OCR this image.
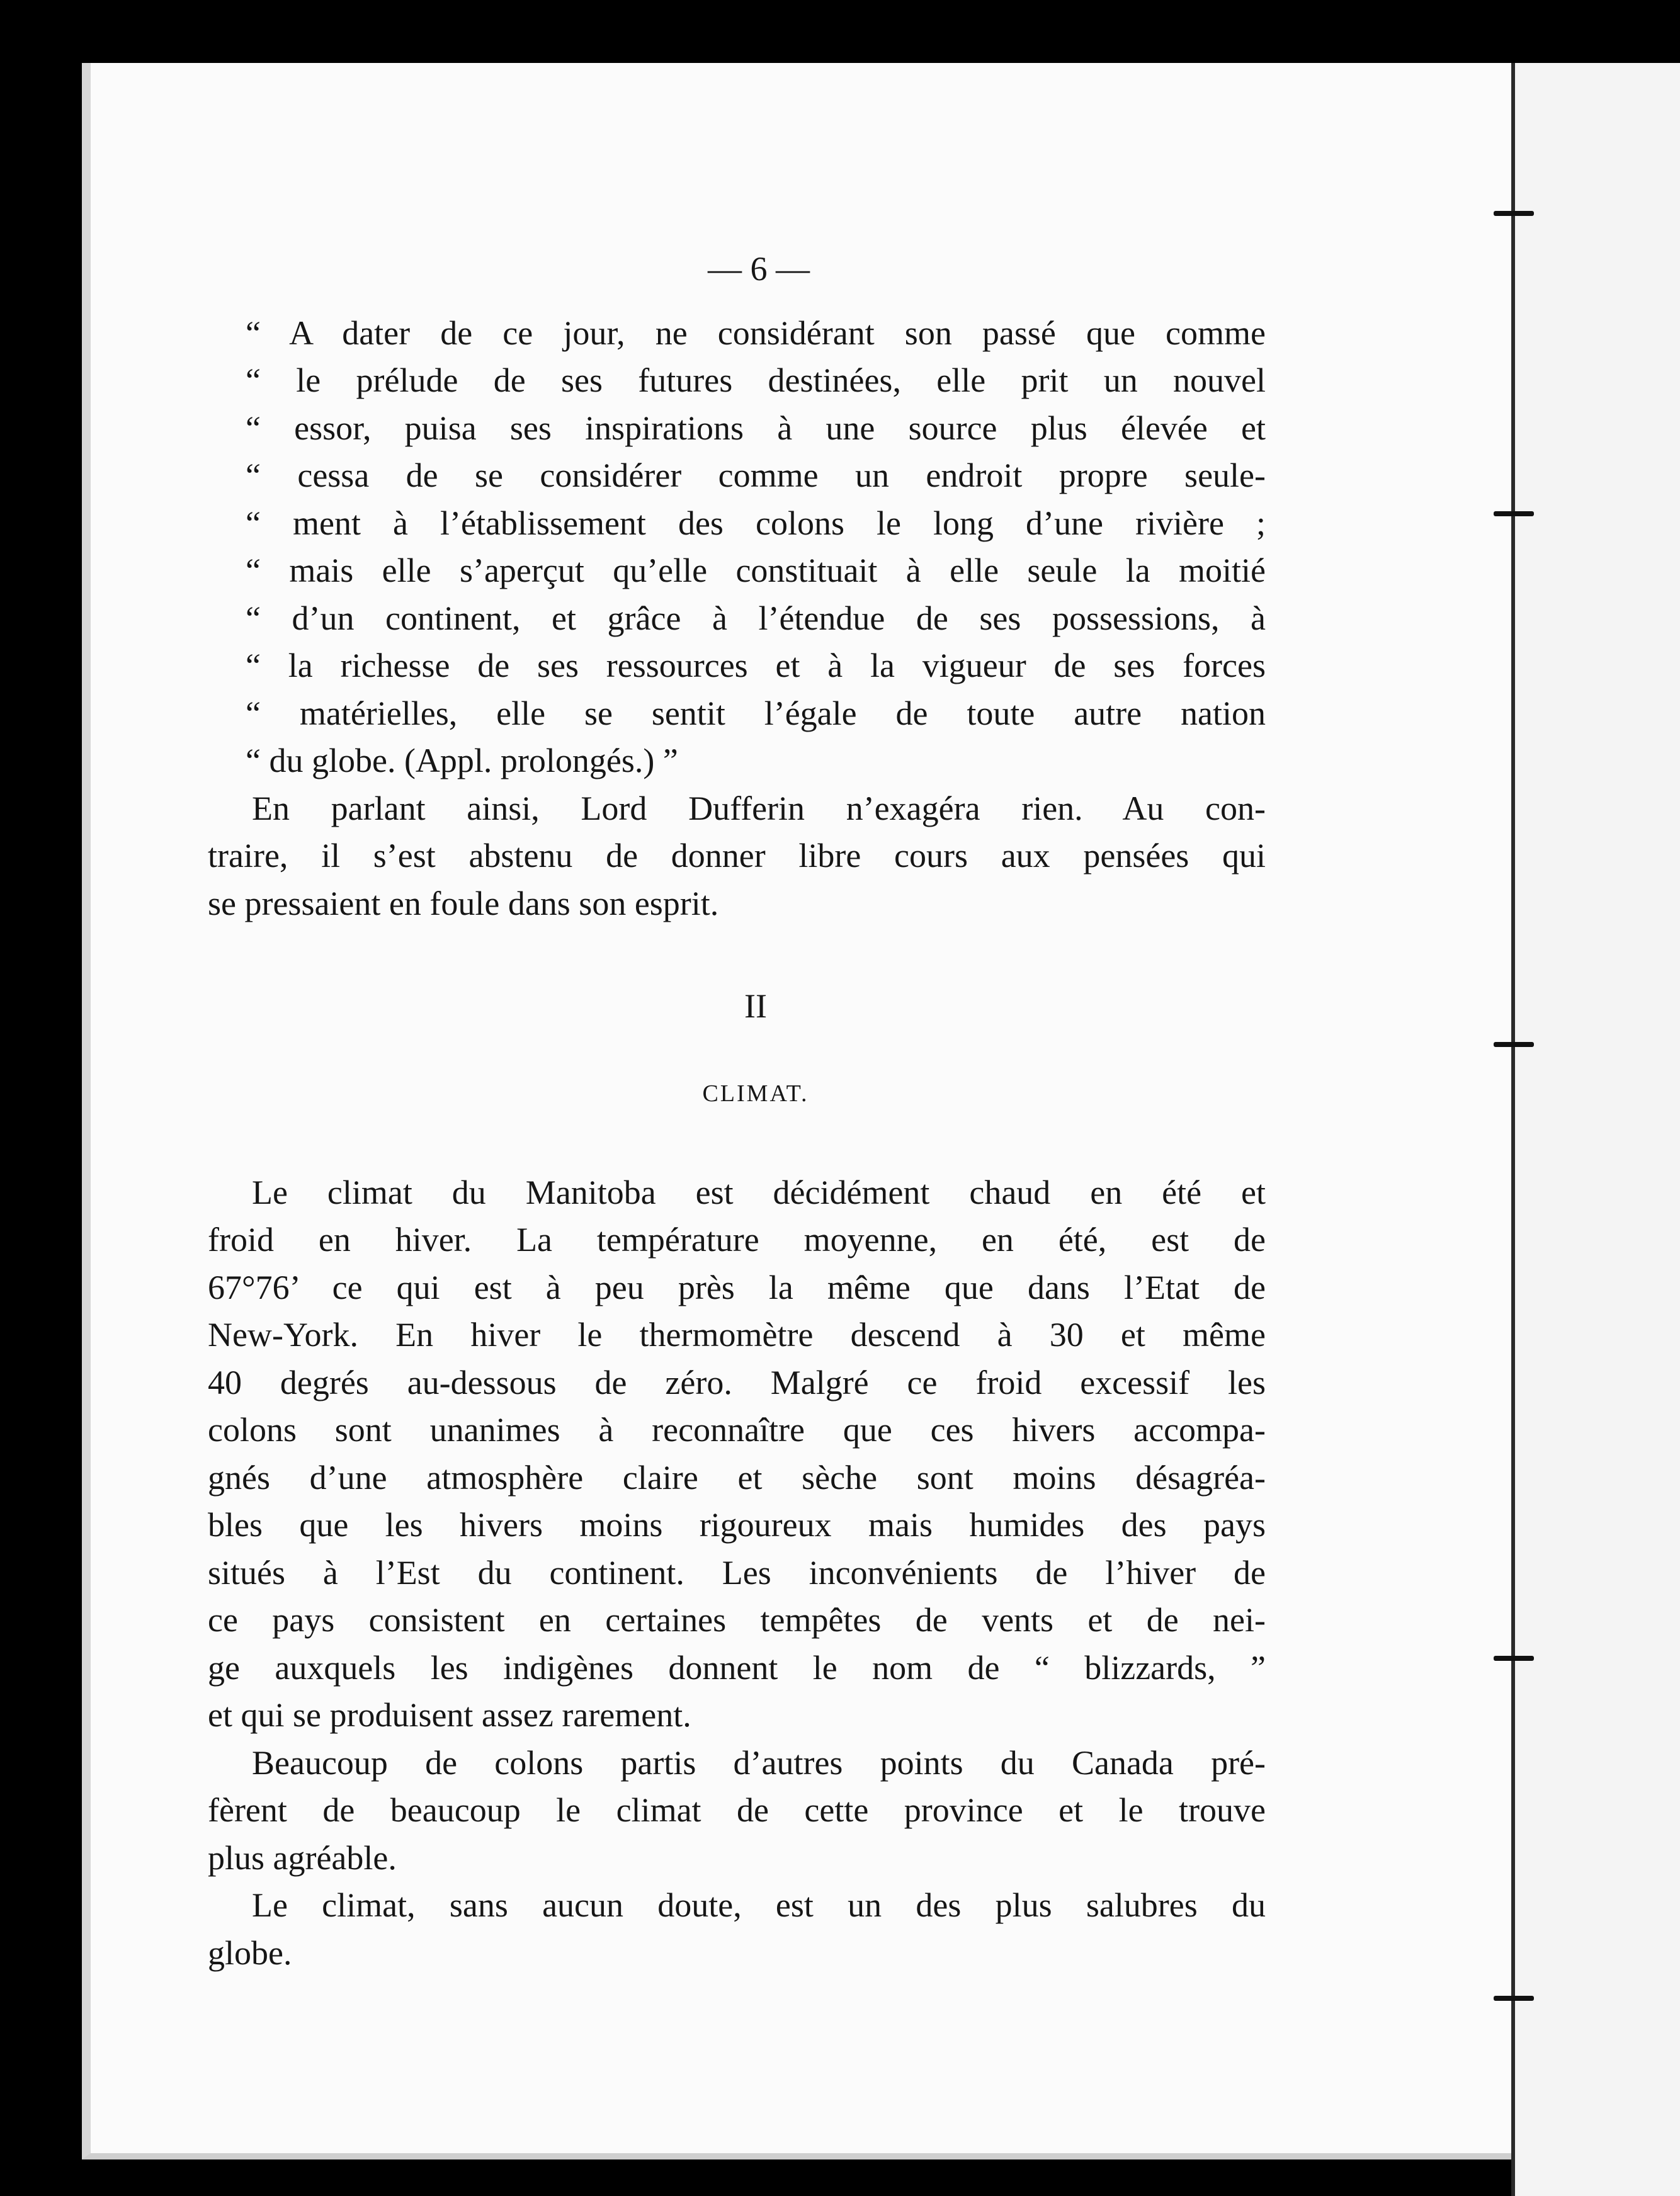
— 6 —
“ A dater de ce jour, ne considérant son passé que comme
“ le prélude de ses futures destinées, elle prit un nouvel
“ essor, puisa ses inspirations à une source plus élevée et
“ cessa de se considérer comme un endroit propre seule-
“ ment à l’établissement des colons le long d’une rivière ;
“ mais elle s’aperçut qu’elle constituait à elle seule la moitié
“ d’un continent, et grâce à l’étendue de ses possessions, à
“ la richesse de ses ressources et à la vigueur de ses forces
“ matérielles, elle se sentit l’égale de toute autre nation
“ du globe. (Appl. prolongés.) ”
En parlant ainsi, Lord Dufferin n’exagéra rien. Au con-
traire, il s’est abstenu de donner libre cours aux pensées qui
se pressaient en foule dans son esprit.
II
CLIMAT.
Le climat du Manitoba est décidément chaud en été et
froid en hiver. La température moyenne, en été, est de
67°76’ ce qui est à peu près la même que dans l’Etat de
New-York. En hiver le thermomètre descend à 30 et même
40 degrés au-dessous de zéro. Malgré ce froid excessif les
colons sont unanimes à reconnaître que ces hivers accompa-
gnés d’une atmosphère claire et sèche sont moins désagréa-
bles que les hivers moins rigoureux mais humides des pays
situés à l’Est du continent. Les inconvénients de l’hiver de
ce pays consistent en certaines tempêtes de vents et de nei-
ge auxquels les indigènes donnent le nom de “ blizzards, ”
et qui se produisent assez rarement.
Beaucoup de colons partis d’autres points du Canada pré-
fèrent de beaucoup le climat de cette province et le trouve
plus agréable.
Le climat, sans aucun doute, est un des plus salubres du
globe.
